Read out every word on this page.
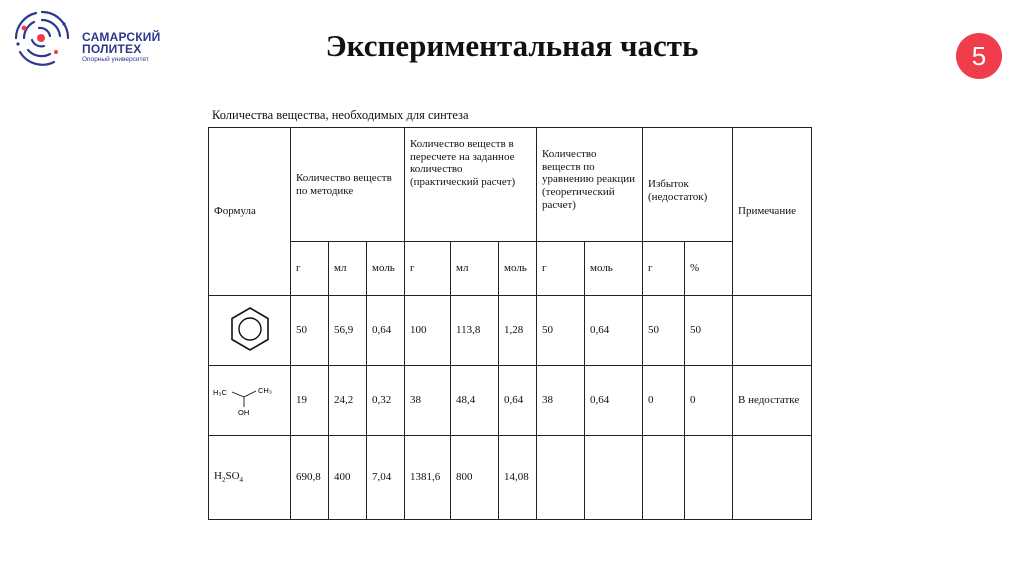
САМАРСКИЙ
ПОЛИТЕХ
Опорный университет	Экспериментальная часть	5
Количества вещества, необходимых для синтеза
Формула	Количество веществ по методике			Количество веществ в пересчете на заданное количество (практический расчет)			Количество веществ по уравнению реакции (теоретический расчет)		Избыток (недостаток)		Примечание
	г	мл	моль	г	мл	моль	г	моль	г	%	
	50	56,9	0,64	100	113,8	1,28	50	0,64	50	50	

H₃C CH₃
OH	19	24,2	0,32	38	48,4	0,64	38	0,64	0	0	В недостатке
$H_2SO_4$	690,8	400	7,04	1381,6	800	14,08					
